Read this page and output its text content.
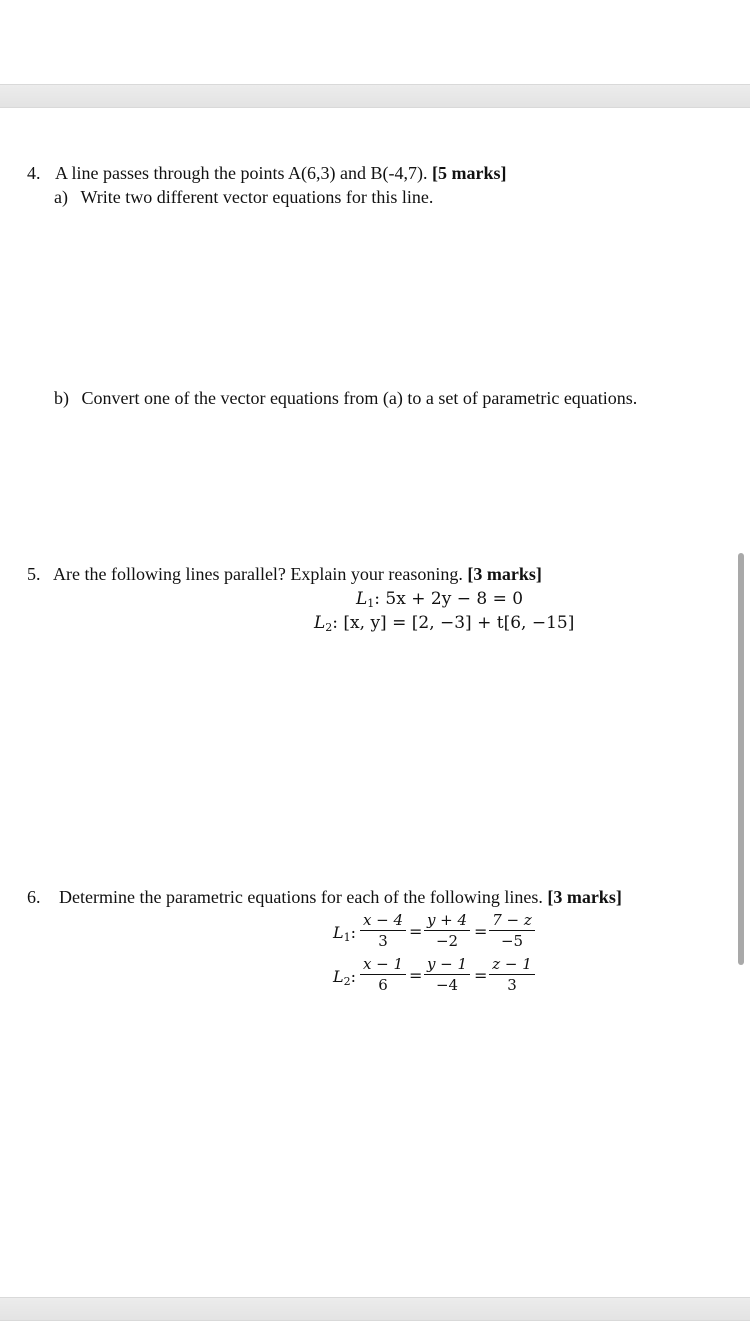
4. A line passes through the points A(6,3) and B(-4,7). [5 marks]
a) Write two different vector equations for this line.
b) Convert one of the vector equations from (a) to a set of parametric equations.
5. Are the following lines parallel? Explain your reasoning. [3 marks]
$L_1$: 5x + 2y − 8 = 0
$L_2$: [x, y] = [2, −3] + t[6, −15]
6. Determine the parametric equations for each of the following lines. [3 marks]
$L_1$: $\frac{x - 4}{3} = \frac{y + 4}{-2} = \frac{7 - z}{-5}$
$L_2$: $\frac{x - 1}{6} = \frac{y - 1}{-4} = \frac{z - 1}{3}$
